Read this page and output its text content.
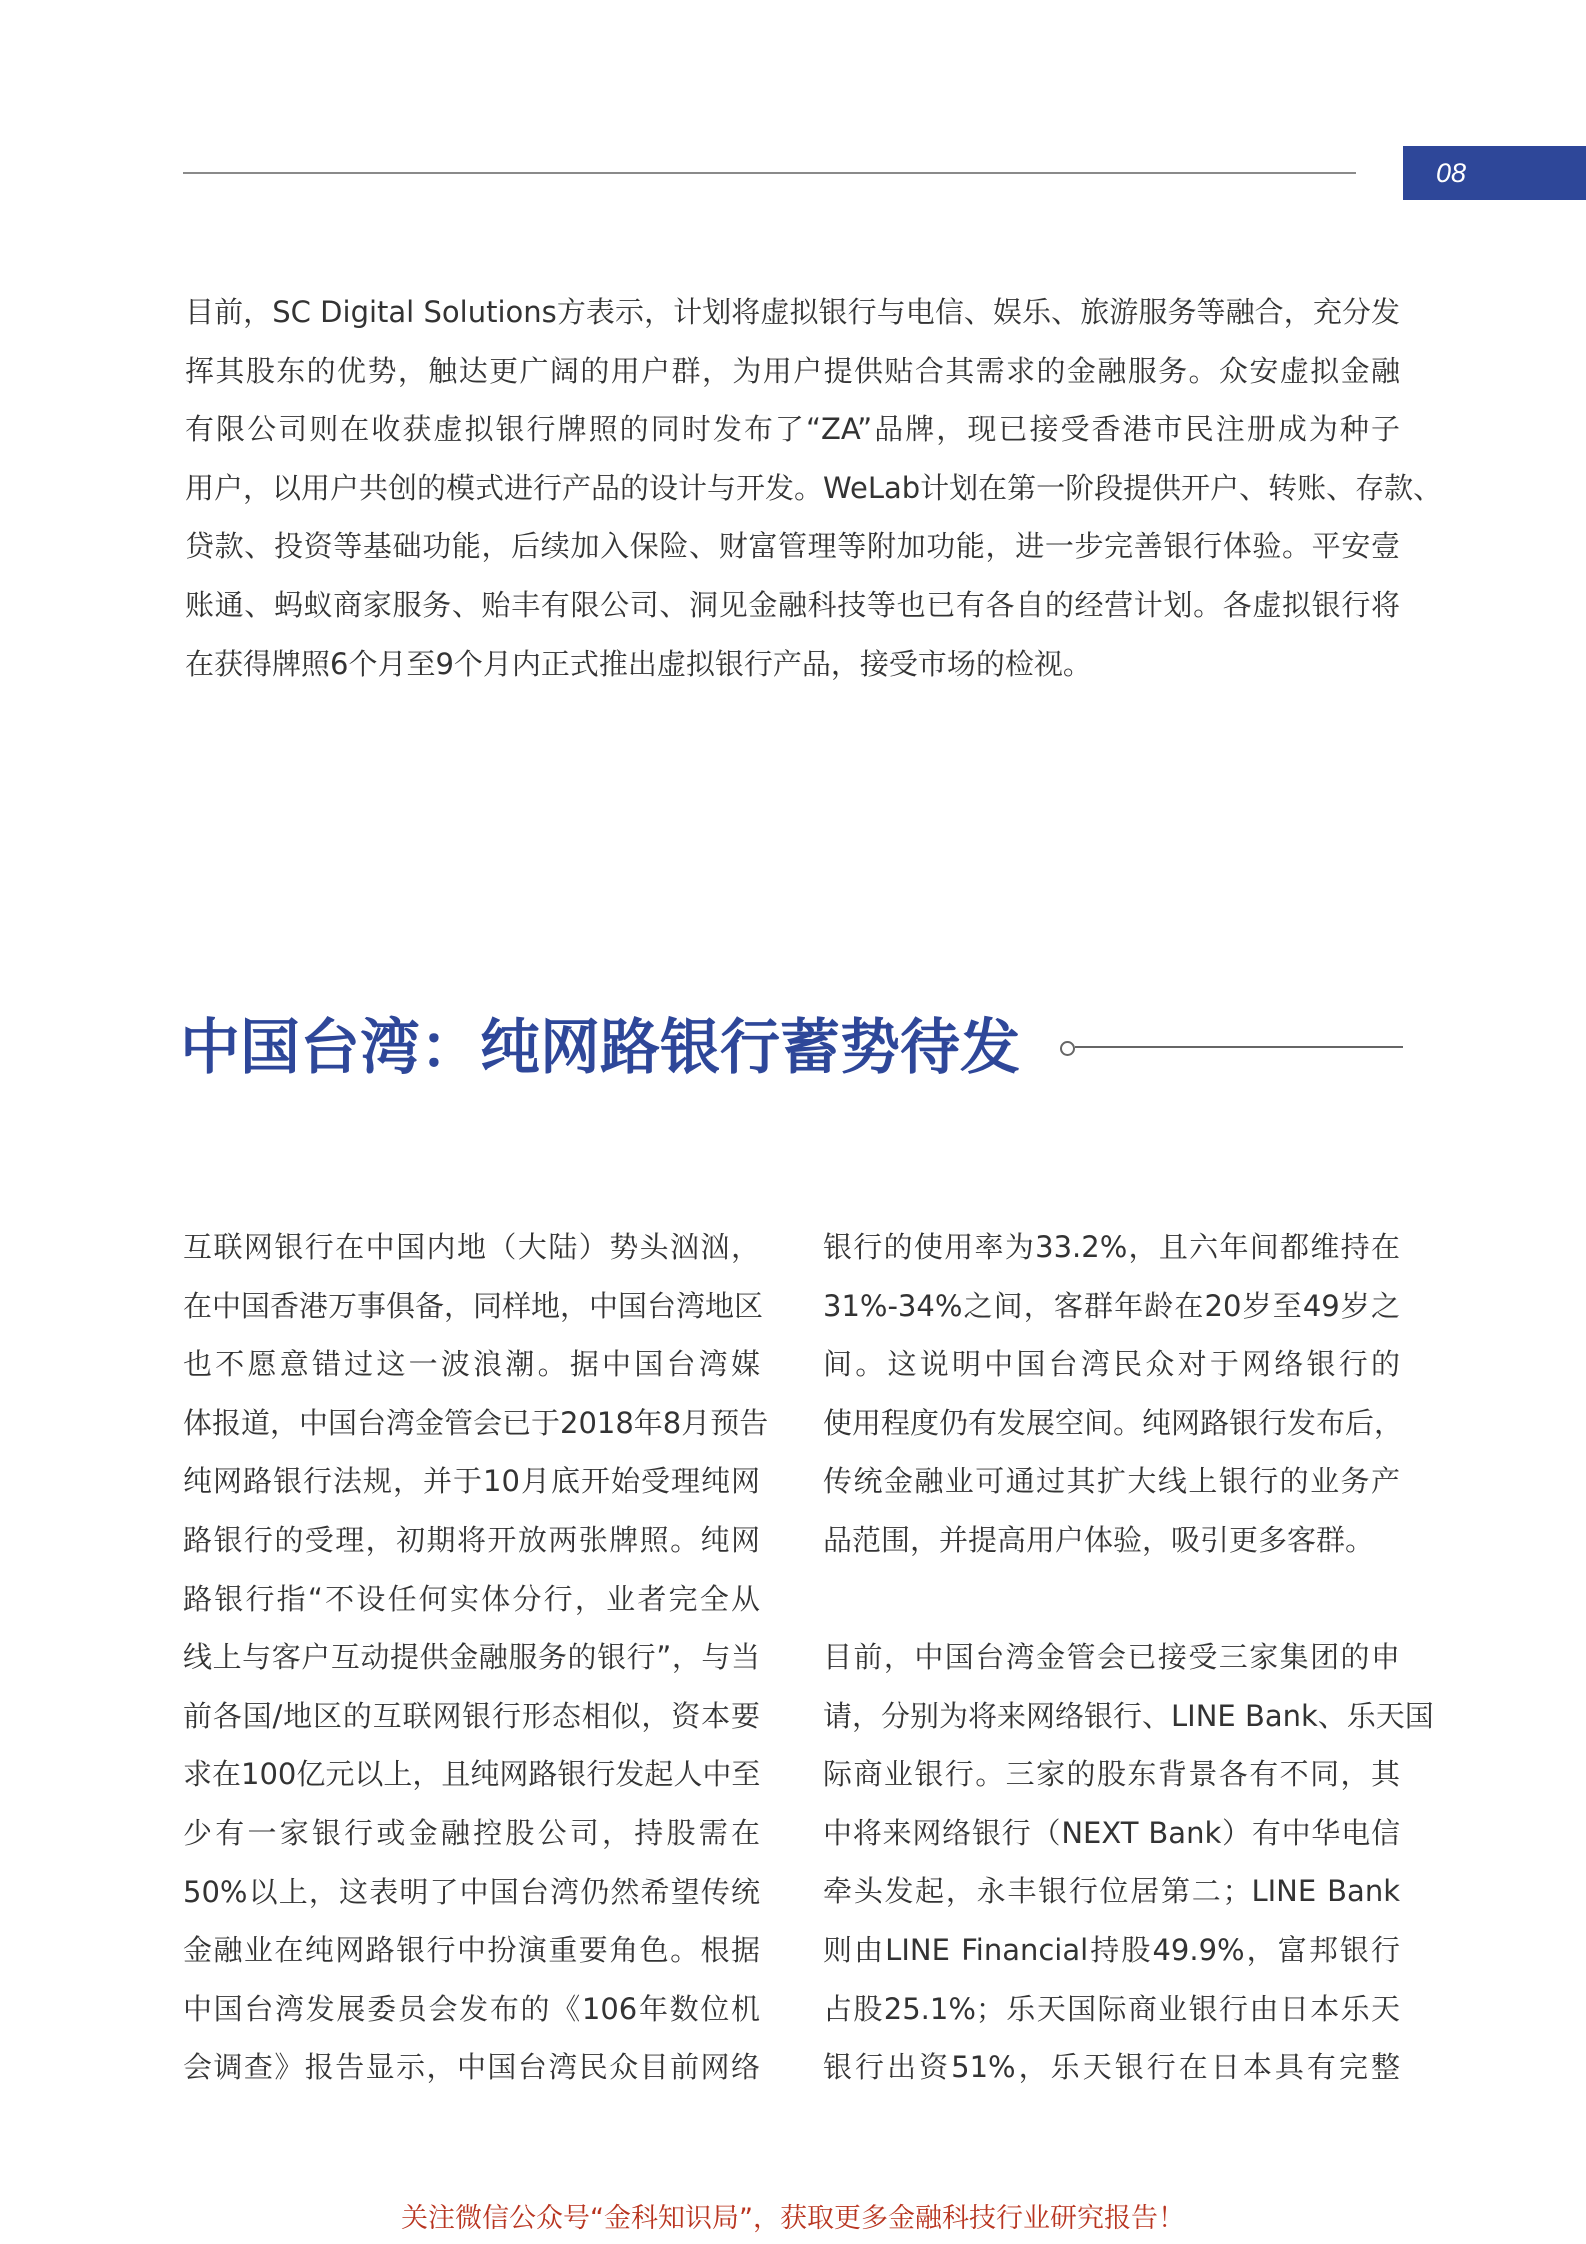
08
目前，SC Digital Solutions方表示，计划将虚拟银行与电信、娱乐、旅游服务等融合，充分发
挥其股东的优势，触达更广阔的用户群，为用户提供贴合其需求的金融服务。众安虚拟金融
有限公司则在收获虚拟银行牌照的同时发布了“ZA”品牌，现已接受香港市民注册成为种子
用户，以用户共创的模式进行产品的设计与开发。WeLab计划在第一阶段提供开户、转账、存款、
贷款、投资等基础功能，后续加入保险、财富管理等附加功能，进一步完善银行体验。平安壹
账通、蚂蚁商家服务、贻丰有限公司、洞见金融科技等也已有各自的经营计划。各虚拟银行将
在获得牌照6个月至9个月内正式推出虚拟银行产品，接受市场的检视。
中国台湾：纯网路银行蓄势待发
互联网银行在中国内地（大陆）势头汹汹，
在中国香港万事俱备，同样地，中国台湾地区
也不愿意错过这一波浪潮。据中国台湾媒
体报道，中国台湾金管会已于2018年8月预告
纯网路银行法规，并于10月底开始受理纯网
路银行的受理，初期将开放两张牌照。纯网
路银行指“不设任何实体分行，业者完全从
线上与客户互动提供金融服务的银行”，与当
前各国/地区的互联网银行形态相似，资本要
求在100亿元以上，且纯网路银行发起人中至
少有一家银行或金融控股公司，持股需在
50%以上，这表明了中国台湾仍然希望传统
金融业在纯网路银行中扮演重要角色。根据
中国台湾发展委员会发布的《106年数位机
会调查》报告显示，中国台湾民众目前网络
银行的使用率为33.2%，且六年间都维持在
31%-34%之间，客群年龄在20岁至49岁之
间。这说明中国台湾民众对于网络银行的
使用程度仍有发展空间。纯网路银行发布后，
传统金融业可通过其扩大线上银行的业务产
品范围，并提高用户体验，吸引更多客群。
目前，中国台湾金管会已接受三家集团的申
请，分别为将来网络银行、LINE Bank、乐天国
际商业银行。三家的股东背景各有不同，其
中将来网络银行（NEXT Bank）有中华电信
牵头发起，永丰银行位居第二；LINE Bank
则由LINE Financial持股49.9%，富邦银行
占股25.1%；乐天国际商业银行由日本乐天
银行出资51%，乐天银行在日本具有完整
关注微信公众号“金科知识局”，获取更多金融科技行业研究报告！
